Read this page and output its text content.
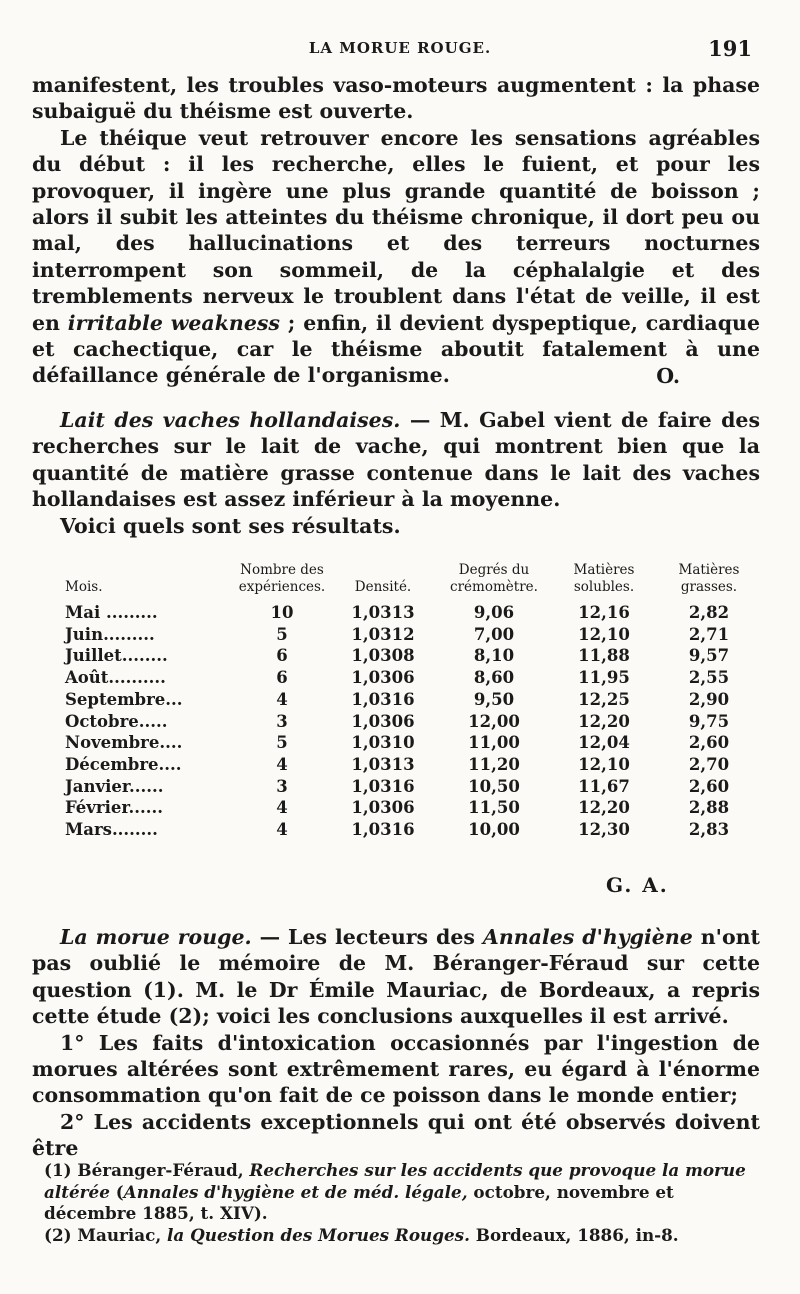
LA MORUE ROUGE.	191

manifestent, les troubles vaso-moteurs augmentent : la phase subaiguë du théisme est ouverte.

Le théique veut retrouver encore les sensations agréables du début : il les recherche, elles le fuient, et pour les provoquer, il ingère une plus grande quantité de boisson ; alors il subit les atteintes du théisme chronique, il dort peu ou mal, des hallucinations et des terreurs nocturnes interrompent son sommeil, de la céphalalgie et des tremblements nerveux le troublent dans l'état de veille, il est en irritable weakness ; enfin, il devient dyspeptique, cardiaque et cachectique, car le théisme aboutit fatalement à une défaillance générale de l'organisme.	O.

Lait des vaches hollandaises. — M. Gabel vient de faire des recherches sur le lait de vache, qui montrent bien que la quantité de matière grasse contenue dans le lait des vaches hollandaises est assez inférieur à la moyenne.

Voici quels sont ses résultats.

Mois.	Nombre des expériences.	Densité.	Degrés du crémomètre.	Matières solubles.	Matières grasses.
Mai .........	10	1,0313	9,06	12,16	2,82
Juin.........	5	1,0312	7,00	12,10	2,71
Juillet........	6	1,0308	8,10	11,88	9,57
Août..........	6	1,0306	8,60	11,95	2,55
Septembre...	4	1,0316	9,50	12,25	2,90
Octobre.....	3	1,0306	12,00	12,20	9,75
Novembre....	5	1,0310	11,00	12,04	2,60
Décembre....	4	1,0313	11,20	12,10	2,70
Janvier......	3	1,0316	10,50	11,67	2,60
Février......	4	1,0306	11,50	12,20	2,88
Mars........	4	1,0316	10,00	12,30	2,83
G. A.

La morue rouge. — Les lecteurs des Annales d'hygiène n'ont pas oublié le mémoire de M. Béranger-Féraud sur cette question (1). M. le Dr Émile Mauriac, de Bordeaux, a repris cette étude (2); voici les conclusions auxquelles il est arrivé.

1° Les faits d'intoxication occasionnés par l'ingestion de morues altérées sont extrêmement rares, eu égard à l'énorme consommation qu'on fait de ce poisson dans le monde entier;

2° Les accidents exceptionnels qui ont été observés doivent être

(1) Béranger-Féraud, Recherches sur les accidents que provoque la morue altérée (Annales d'hygiène et de méd. légale, octobre, novembre et décembre 1885, t. XIV).

(2) Mauriac, la Question des Morues Rouges. Bordeaux, 1886, in-8.
